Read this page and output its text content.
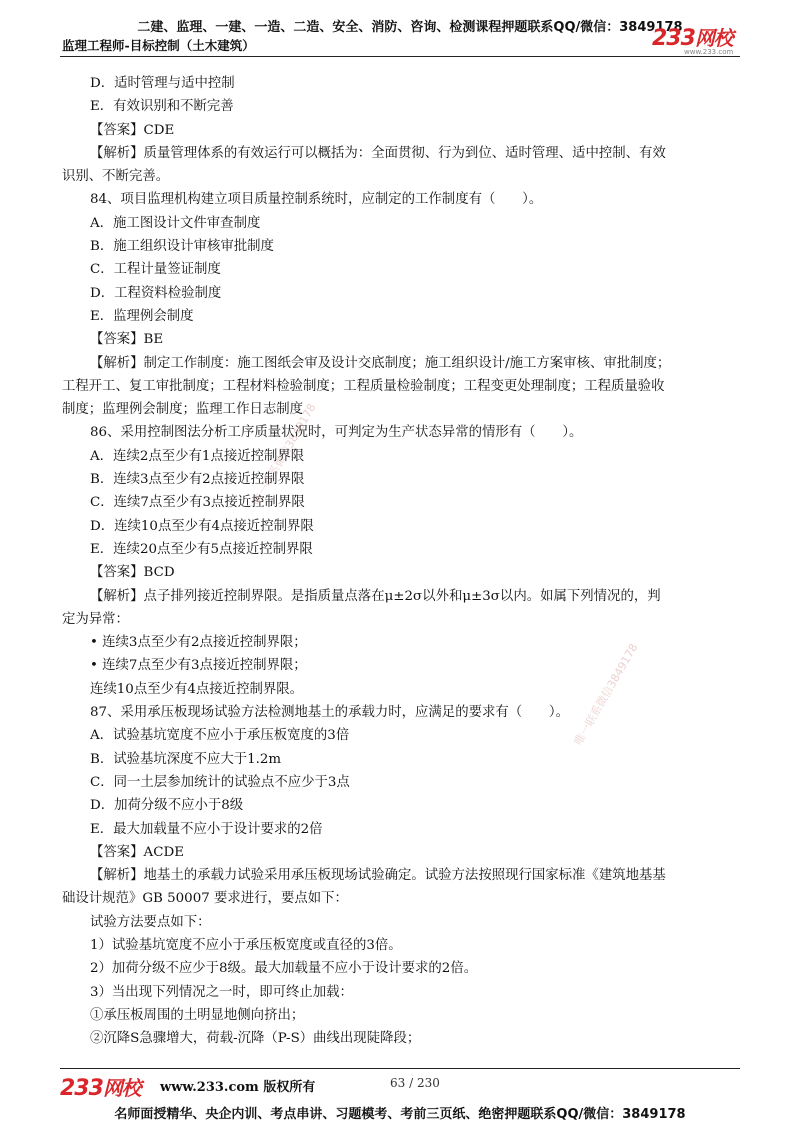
二建、监理、一建、一造、二造、安全、消防、咨询、检测课程押题联系QQ/微信：3849178
监理工程师-目标控制（土木建筑）	233网校
www.233.com
唯一联系微信3849178
唯一联系微信3849178
D．适时管理与适中控制
E．有效识别和不断完善
【答案】CDE
【解析】质量管理体系的有效运行可以概括为：全面贯彻、行为到位、适时管理、适中控制、有效
识别、不断完善。
84、项目监理机构建立项目质量控制系统时，应制定的工作制度有（　　）。
A．施工图设计文件审查制度
B．施工组织设计审核审批制度
C．工程计量签证制度
D．工程资料检验制度
E．监理例会制度
【答案】BE
【解析】制定工作制度：施工图纸会审及设计交底制度；施工组织设计/施工方案审核、审批制度；
工程开工、复工审批制度；工程材料检验制度；工程质量检验制度；工程变更处理制度；工程质量验收
制度；监理例会制度；监理工作日志制度
86、采用控制图法分析工序质量状况时，可判定为生产状态异常的情形有（　　）。
A．连续2点至少有1点接近控制界限
B．连续3点至少有2点接近控制界限
C．连续7点至少有3点接近控制界限
D．连续10点至少有4点接近控制界限
E．连续20点至少有5点接近控制界限
【答案】BCD
【解析】点子排列接近控制界限。是指质量点落在μ±2σ以外和μ±3σ以内。如属下列情况的，判
定为异常：
• 连续3点至少有2点接近控制界限；
• 连续7点至少有3点接近控制界限；
连续10点至少有4点接近控制界限。
87、采用承压板现场试验方法检测地基土的承载力时，应满足的要求有（　　）。
A．试验基坑宽度不应小于承压板宽度的3倍
B．试验基坑深度不应大于1.2m
C．同一土层参加统计的试验点不应少于3点
D．加荷分级不应小于8级
E．最大加载量不应小于设计要求的2倍
【答案】ACDE
【解析】地基土的承载力试验采用承压板现场试验确定。试验方法按照现行国家标准《建筑地基基
础设计规范》GB 50007 要求进行，要点如下：
试验方法要点如下：
1）试验基坑宽度不应小于承压板宽度或直径的3倍。
2）加荷分级不应少于8级。最大加载量不应小于设计要求的2倍。
3）当出现下列情况之一时，即可终止加载：
①承压板周围的土明显地侧向挤出；
②沉降S急骤增大，荷载-沉降（P-S）曲线出现陡降段；
233网校 www.233.com 版权所有	63 / 230
名师面授精华、央企内训、考点串讲、习题模考、考前三页纸、绝密押题联系QQ/微信：3849178
